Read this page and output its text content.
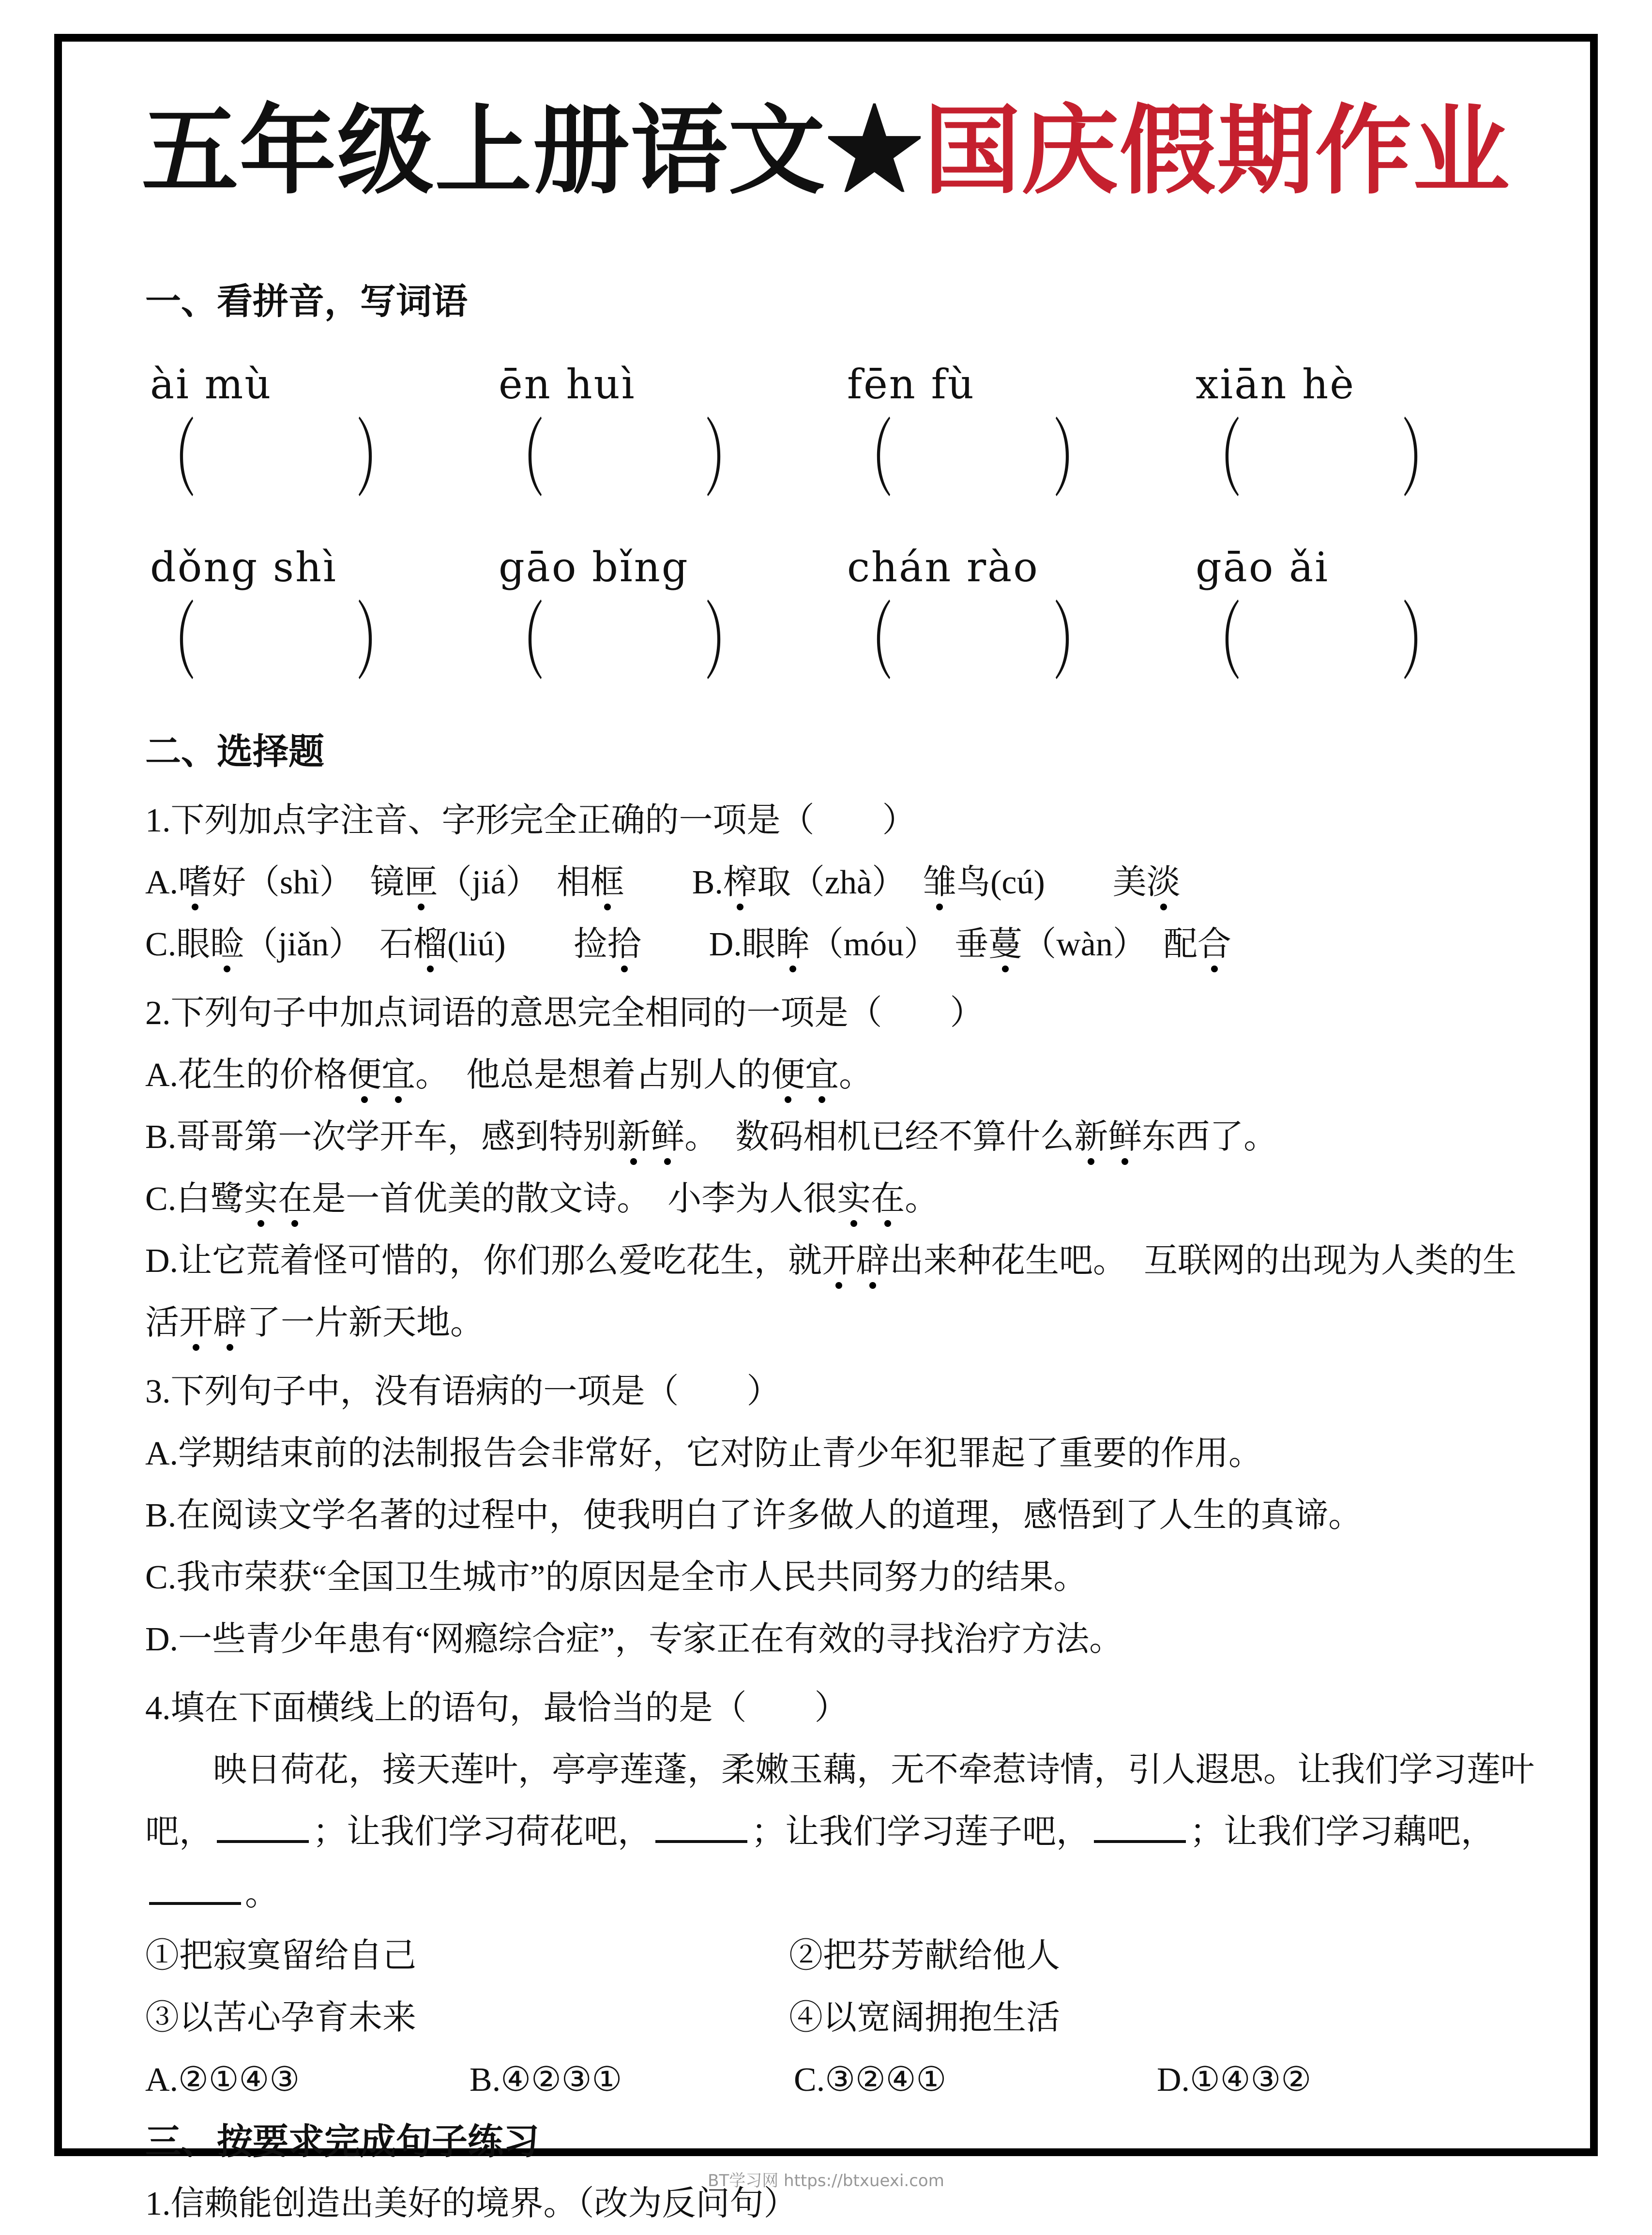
五年级上册语文★国庆假期作业

一、看拼音，写词语

ài mù	ēn huì	fēn fù	xiān hè
（	）	（	）	（	）	（	）
dǒng shì	gāo bǐng	chán rào	gāo ǎi
（	）	（	）	（	）	（	）

二、选择题

1.下列加点字注音、字形完全正确的一项是（　　）

A.嗜好（shì）　镜匣（jiá）　相框　　B.榨取（zhà）　雏鸟(cú)　　美淡

C.眼睑（jiǎn）　石榴(liú)　　捡拾　　D.眼眸（móu）　垂蔓（wàn）　配合

2.下列句子中加点词语的意思完全相同的一项是（　　）

A.花生的价格便宜。　他总是想着占别人的便宜。

B.哥哥第一次学开车，感到特别新鲜。　数码相机已经不算什么新鲜东西了。

C.白鹭实在是一首优美的散文诗。　小李为人很实在。

D.让它荒着怪可惜的，你们那么爱吃花生，就开辟出来种花生吧。　互联网的出现为人类的生活开辟了一片新天地。

3.下列句子中，没有语病的一项是（　　）

A.学期结束前的法制报告会非常好，它对防止青少年犯罪起了重要的作用。

B.在阅读文学名著的过程中，使我明白了许多做人的道理，感悟到了人生的真谛。

C.我市荣获“全国卫生城市”的原因是全市人民共同努力的结果。

D.一些青少年患有“网瘾综合症”，专家正在有效的寻找治疗方法。

4.填在下面横线上的语句，最恰当的是（　　）

映日荷花，接天莲叶，亭亭莲蓬，柔嫩玉藕，无不牵惹诗情，引人遐思。让我们学习莲叶吧，	；让我们学习荷花吧，	；让我们学习莲子吧，	；让我们学习藕吧，。

①把寂寞留给自己	②把芬芳献给他人

③以苦心孕育未来	④以宽阔拥抱生活

A.②①④③	B.④②③①	C.③②④①	D.①④③②

三、按要求完成句子练习

1.信赖能创造出美好的境界。（改为反问句）

BT学习网 https://btxuexi.com
